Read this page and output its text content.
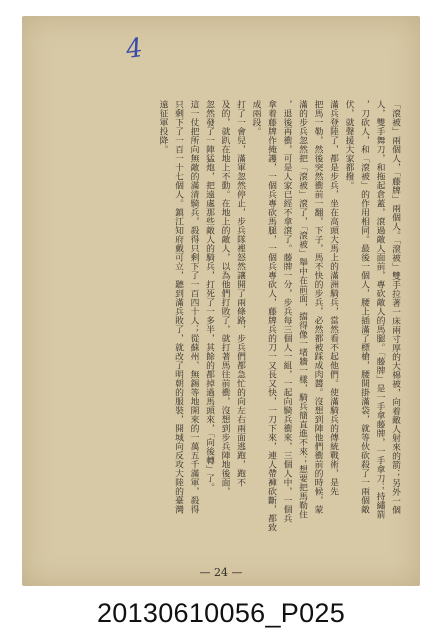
4
「滾被」兩個人，「藤牌」兩個人。「滾被」雙手拉著一床兩寸厚的大棉被，向着敵人射來的箭；另外一個
人，雙手舞刀，和拖起倉蓋，滾過敵人面前，專砍敵人的馬腿。「藤牌」是一手拿藤牌，一手拿刀；持繡箭
，刀砍人，和「滾被」的作用相同。最後一個人，腰上插滿了標槍，腰間掛滿袋，就等伙砍殺了一兩個敵
伏，就聲援大家都撥。
滿兵登陸了，都是步兵，坐在高頭大馬上的滿洲騎兵，當然看不起他們。使滿騎兵的傳統戰術，是先
把馬一勒，然後突然衝前一翻，下子，馬不快的步兵，必然都被踩成肉醬。沒想到陣他們衝前的時候，蒙
滿的步兵忽然把「滾被」滾了，「滾被」舉中在前面，擋得像一堵牆一樣，騎兵簡直進不來；想要把馬勒住
，退後再衝，可是人家已經不拿滾了。藤牌一分，步兵每三個人一組，一起向騎兵衝來，三個人中，一個兵
拿着藤牌作掩護，一個兵專砍馬腿，一個兵專砍人，藤牌兵的刀一又長又快，一刀下來，連人帶褲砍斷，都致
成兩段。
打了一會兒，滿軍忽然停止，步兵隊裡怒然讓開了兩條路，步兵們都急忙的向左右兩面逃跑，跑不
及的，就趴在地上不動。在地上的敵人，以為他們打敗了，就打著馬往前衝，沒想到步兵陣地後面，
忽然發了一陣猛炮，把遠處那些敵人的騎兵，打死了一多半，其餘的都掉過馬頭來，「向後轉」了。
這一仗把所向無敵的滿清騎兵，殺得只剩下了一百四十人；從蘇州、無錫等地開來的一萬五千滿軍，殺得
只剩下了一百一十七個人。鎮江知府戴可立，聽到滿兵敗了，就改了明朝的服裝，開城向反攻大陸的臺灣
遠征軍投降。
— 24 —
20130610056_P025
